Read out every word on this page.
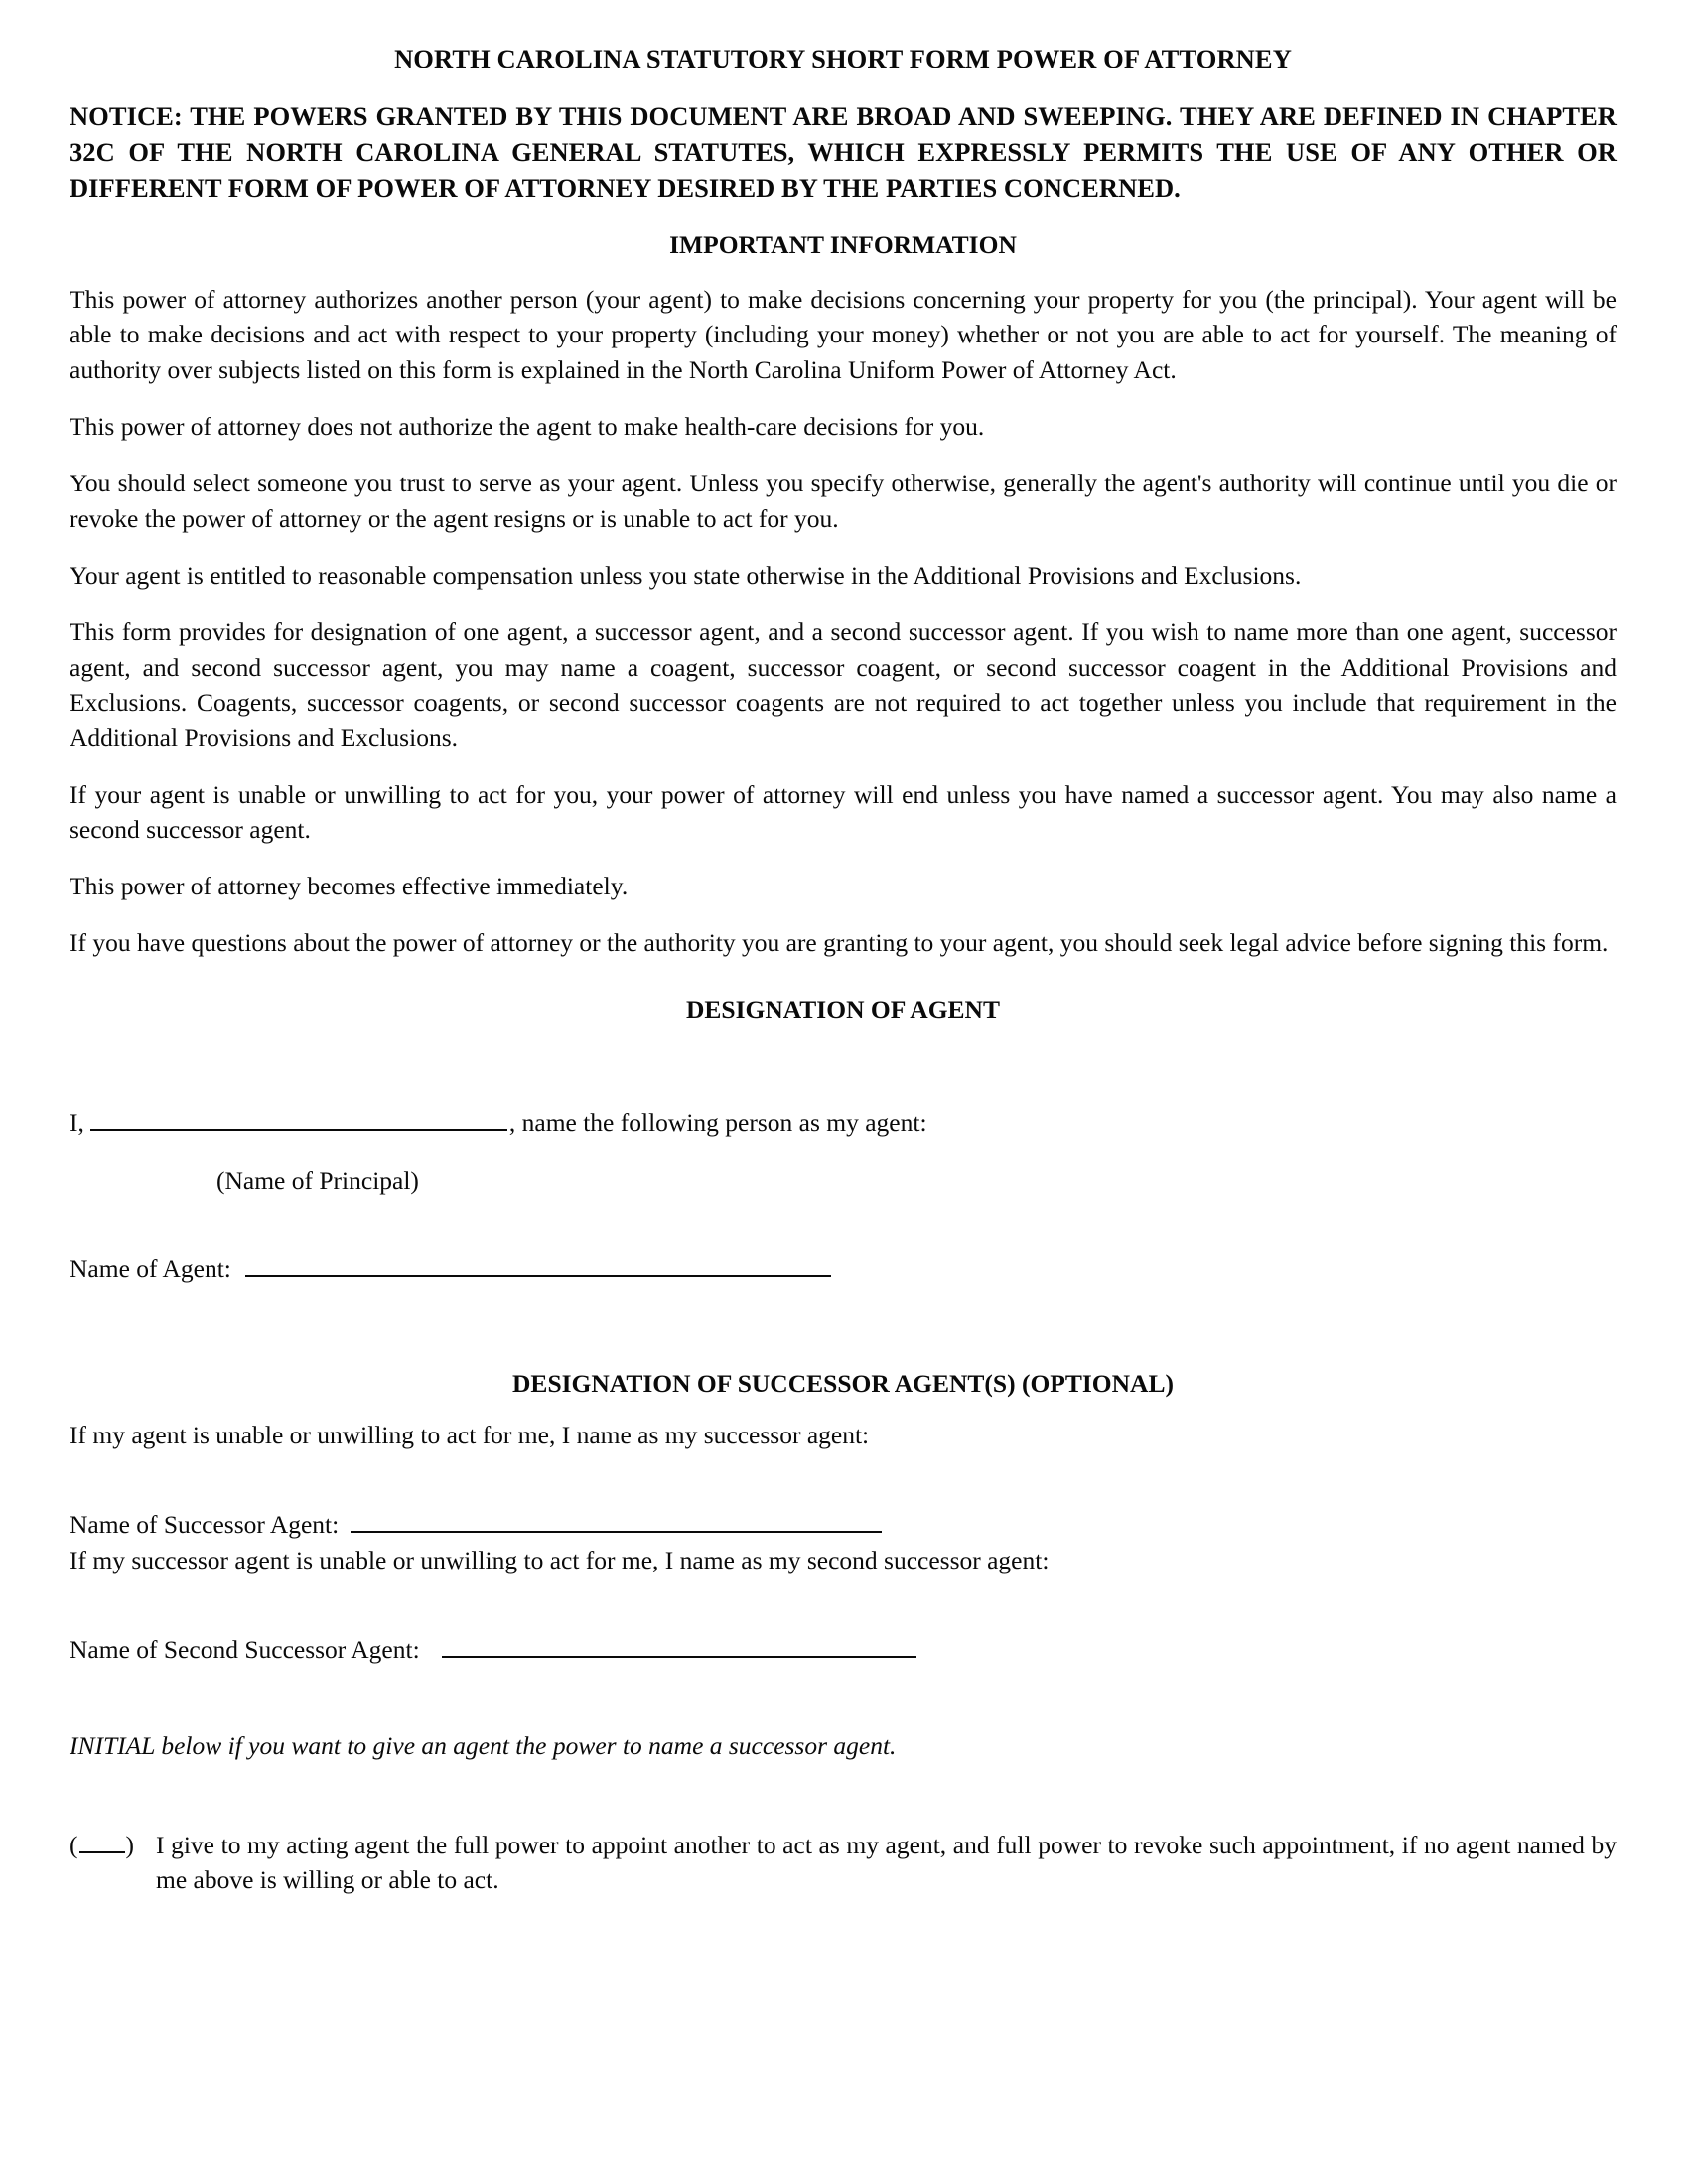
NORTH CAROLINA STATUTORY SHORT FORM POWER OF ATTORNEY
NOTICE: THE POWERS GRANTED BY THIS DOCUMENT ARE BROAD AND SWEEPING. THEY ARE DEFINED IN CHAPTER 32C OF THE NORTH CAROLINA GENERAL STATUTES, WHICH EXPRESSLY PERMITS THE USE OF ANY OTHER OR DIFFERENT FORM OF POWER OF ATTORNEY DESIRED BY THE PARTIES CONCERNED.
IMPORTANT INFORMATION

This power of attorney authorizes another person (your agent) to make decisions concerning your property for you (the principal). Your agent will be able to make decisions and act with respect to your property (including your money) whether or not you are able to act for yourself. The meaning of authority over subjects listed on this form is explained in the North Carolina Uniform Power of Attorney Act.

This power of attorney does not authorize the agent to make health-care decisions for you.

You should select someone you trust to serve as your agent. Unless you specify otherwise, generally the agent's authority will continue until you die or revoke the power of attorney or the agent resigns or is unable to act for you.

Your agent is entitled to reasonable compensation unless you state otherwise in the Additional Provisions and Exclusions.

This form provides for designation of one agent, a successor agent, and a second successor agent. If you wish to name more than one agent, successor agent, and second successor agent, you may name a coagent, successor coagent, or second successor coagent in the Additional Provisions and Exclusions. Coagents, successor coagents, or second successor coagents are not required to act together unless you include that requirement in the Additional Provisions and Exclusions.

If your agent is unable or unwilling to act for you, your power of attorney will end unless you have named a successor agent. You may also name a second successor agent.

This power of attorney becomes effective immediately.

If you have questions about the power of attorney or the authority you are granting to your agent, you should seek legal advice before signing this form.

DESIGNATION OF AGENT
I,	, name the following person as my agent:
(Name of Principal)
Name of Agent:
DESIGNATION OF SUCCESSOR AGENT(S) (OPTIONAL)

If my agent is unable or unwilling to act for me, I name as my successor agent:

Name of Successor Agent:

If my successor agent is unable or unwilling to act for me, I name as my second successor agent:

Name of Second Successor Agent:
INITIAL below if you want to give an agent the power to name a successor agent.
( ) I give to my acting agent the full power to appoint another to act as my agent, and full power to revoke such appointment, if no agent named by me above is willing or able to act.
